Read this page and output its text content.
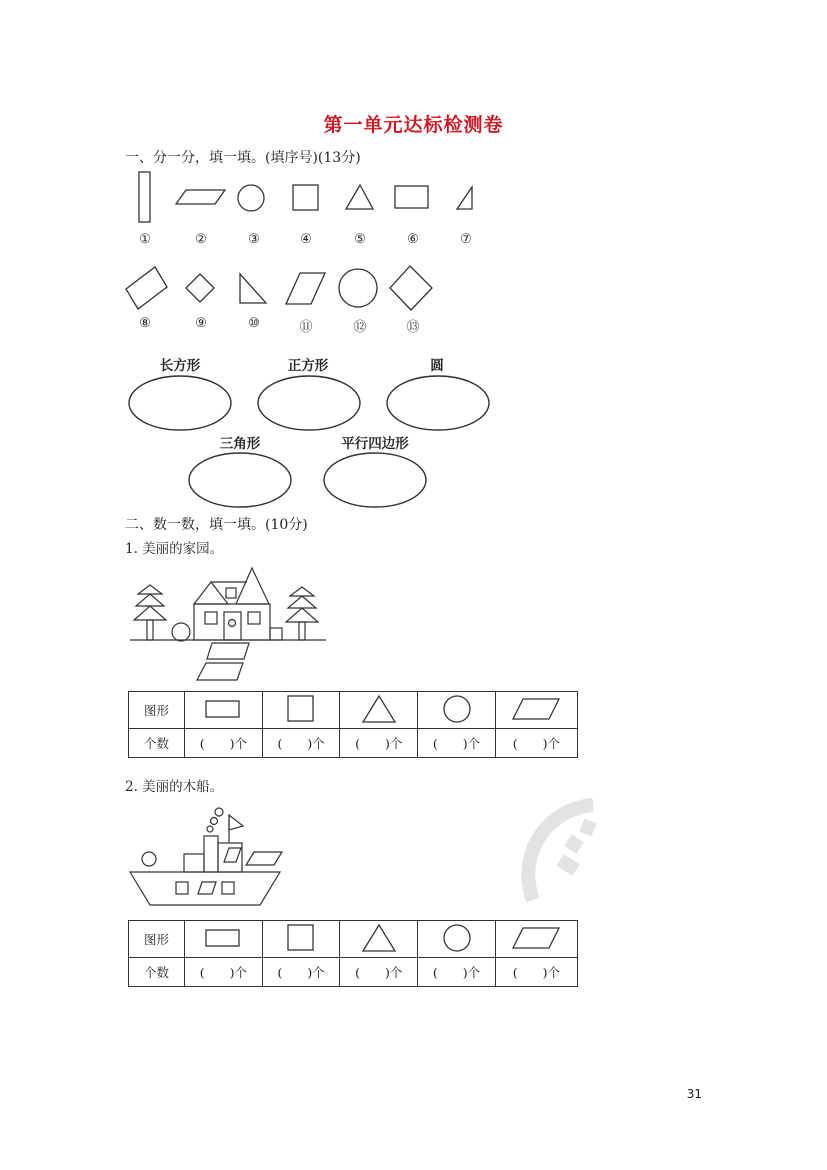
第一单元达标检测卷
一、分一分，填一填。(填序号)(13分)
①	②	③	④	⑤	⑥	⑦
⑧	⑨	⑩	⑪	⑫	⑬
长方形	正方形	圆
三角形	平行四边形
二、数一数，填一填。(10分)
1. 美丽的家园。
图形					
个数	(　　)个	(　　)个	(　　)个	(　　)个	(　　)个
2. 美丽的木船。
图形					
个数	(　　)个	(　　)个	(　　)个	(　　)个	(　　)个
31
